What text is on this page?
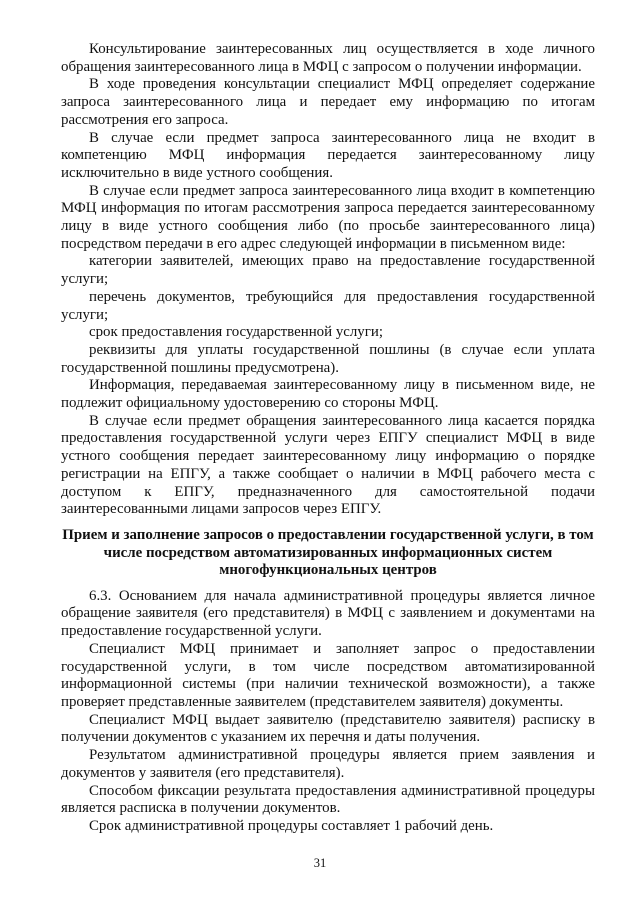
Консультирование заинтересованных лиц осуществляется в ходе личного обращения заинтересованного лица в МФЦ с запросом о получении информации.

В ходе проведения консультации специалист МФЦ определяет содержание запроса заинтересованного лица и передает ему информацию по итогам рассмотрения его запроса.

В случае если предмет запроса заинтересованного лица не входит в компетенцию МФЦ информация передается заинтересованному лицу исключительно в виде устного сообщения.

В случае если предмет запроса заинтересованного лица входит в компетенцию МФЦ информация по итогам рассмотрения запроса передается заинтересованному лицу в виде устного сообщения либо (по просьбе заинтересованного лица) посредством передачи в его адрес следующей информации в письменном виде:

категории заявителей, имеющих право на предоставление государственной услуги;

перечень документов, требующийся для предоставления государственной услуги;

срок предоставления государственной услуги;

реквизиты для уплаты государственной пошлины (в случае если уплата государственной пошлины предусмотрена).

Информация, передаваемая заинтересованному лицу в письменном виде, не подлежит официальному удостоверению со стороны МФЦ.

В случае если предмет обращения заинтересованного лица касается порядка предоставления государственной услуги через ЕПГУ специалист МФЦ в виде устного сообщения передает заинтересованному лицу информацию о порядке регистрации на ЕПГУ, а также сообщает о наличии в МФЦ рабочего места с доступом к ЕПГУ, предназначенного для самостоятельной подачи заинтересованными лицами запросов через ЕПГУ.

Прием и заполнение запросов о предоставлении государственной услуги, в том числе посредством автоматизированных информационных систем многофункциональных центров

6.3. Основанием для начала административной процедуры является личное обращение заявителя (его представителя) в МФЦ с заявлением и документами на предоставление государственной услуги.

Специалист МФЦ принимает и заполняет запрос о предоставлении государственной услуги, в том числе посредством автоматизированной информационной системы (при наличии технической возможности), а также проверяет представленные заявителем (представителем заявителя) документы.

Специалист МФЦ выдает заявителю (представителю заявителя) расписку в получении документов с указанием их перечня и даты получения.

Результатом административной процедуры является прием заявления и документов у заявителя (его представителя).

Способом фиксации результата предоставления административной процедуры является расписка в получении документов.

Срок административной процедуры составляет 1 рабочий день.

31
